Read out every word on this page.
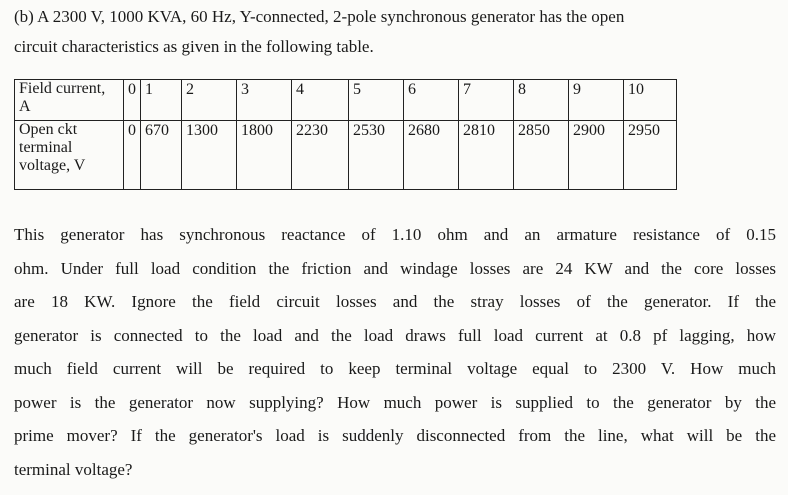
(b) A 2300 V, 1000 KVA, 60 Hz, Y-connected, 2-pole synchronous generator has the open
circuit characteristics as given in the following table.

Field current, A	0	1	2	3	4	5	6	7	8	9	10
Open ckt terminal voltage, V	0	670	1300	1800	2230	2530	2680	2810	2850	2900	2950

This generator has synchronous reactance of 1.10 ohm and an armature resistance of 0.15
ohm. Under full load condition the friction and windage losses are 24 KW and the core losses
are 18 KW. Ignore the field circuit losses and the stray losses of the generator. If the
generator is connected to the load and the load draws full load current at 0.8 pf lagging, how
much field current will be required to keep terminal voltage equal to 2300 V. How much
power is the generator now supplying? How much power is supplied to the generator by the
prime mover? If the generator's load is suddenly disconnected from the line, what will be the
terminal voltage?
